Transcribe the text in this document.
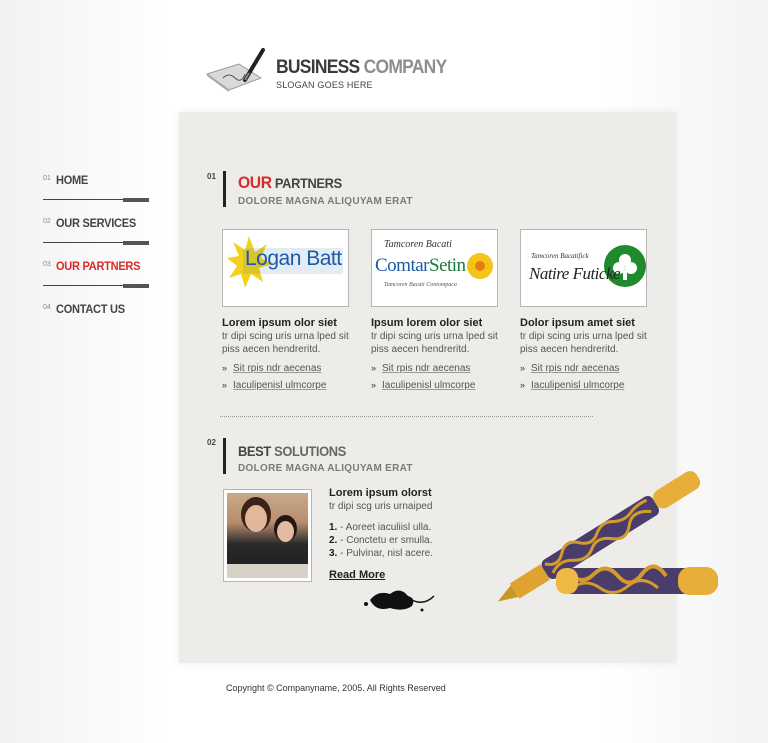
BUSINESS COMPANY
SLOGAN GOES HERE
01 HOME
02 OUR SERVICES
03 OUR PARTNERS
04 CONTACT US
01 OUR PARTNERS
DOLORE MAGNA ALIQUYAM ERAT
Logan Batt
Lorem ipsum olor siet
tr dipi scing uris urna lped sit piss aecen hendreritd.
» Sit rpis ndr aecenas
» Iaculipenisl ulmcorpe
Tamcoren Bacati
ComtarSetin
Tamcoren Bacati Contompaca
Ipsum lorem olor siet
tr dipi scing uris urna lped sit piss aecen hendreritd.
» Sit rpis ndr aecenas
» Iaculipenisl ulmcorpe
Tamcoren Bacatifick
Natire Futicke
Dolor ipsum amet siet
tr dipi scing uris urna lped sit piss aecen hendreritd.
» Sit rpis ndr aecenas
» Iaculipenisl ulmcorpe
02
BEST SOLUTIONS
DOLORE MAGNA ALIQUYAM ERAT
Lorem ipsum olorst
tr dipi scg uris urnaiped
1. - Aoreet iaculiisl ulla.
2. - Conctetu er smulla.
3. - Pulvinar, nisl acere.
Read More
Copyright © Companyname, 2005. All Rights Reserved
